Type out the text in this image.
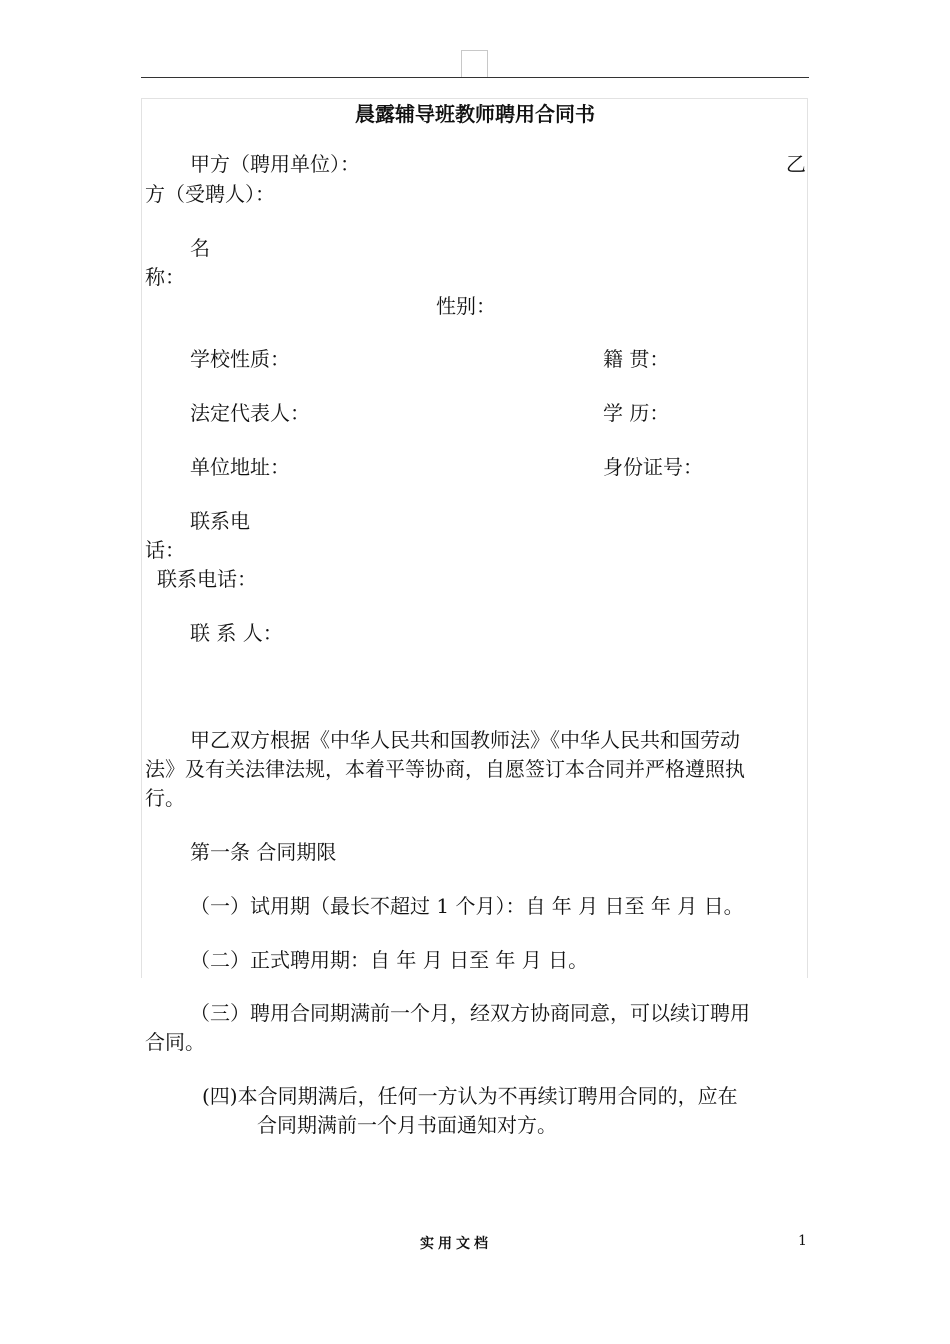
晨露辅导班教师聘用合同书
甲方（聘用单位）：	乙
方（受聘人）：
名
称：
性别：
学校性质：	籍 贯：
法定代表人：	学 历：
单位地址：	身份证号：
联系电
话：
联系电话：
联 系 人：
甲乙双方根据《中华人民共和国教师法》《中华人民共和国劳动
法》及有关法律法规，本着平等协商，自愿签订本合同并严格遵照执
行。
第一条 合同期限
（一）试用期（最长不超过 1 个月）：自 年 月 日至 年 月 日。
（二）正式聘用期：自 年 月 日至 年 月 日。
（三）聘用合同期满前一个月，经双方协商同意，可以续订聘用
合同。
(四)本合同期满后，任何一方认为不再续订聘用合同的，应在
合同期满前一个月书面通知对方。
实用文档	1
